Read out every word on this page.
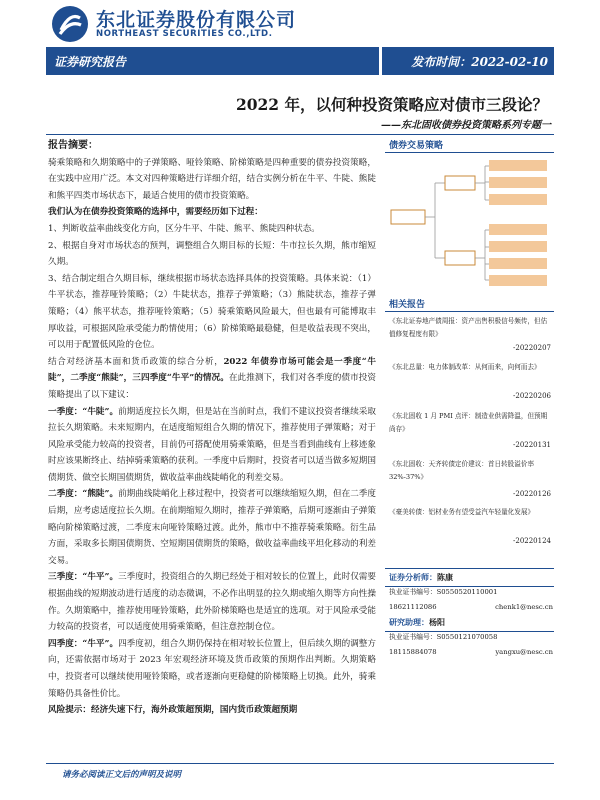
东北证券股份有限公司
NORTHEAST SECURITIES CO.,LTD.
证券研究报告	发布时间：2022-02-10
2022 年，以何种投资策略应对债市三段论？
——东北固收债券投资策略系列专题一

报告摘要：

骑乘策略和久期策略中的子弹策略、哑铃策略、阶梯策略是四种重要的债券投资策略，在实践中应用广泛。本文对四种策略进行详细介绍，结合实例分析在牛平、牛陡、熊陡和熊平四类市场状态下，最适合使用的债市投资策略。

我们认为在债券投资策略的选择中，需要经历如下过程：

1、判断收益率曲线变化方向，区分牛平、牛陡、熊平、熊陡四种状态。

2、根据自身对市场状态的预判，调整组合久期目标的长短：牛市拉长久期，熊市缩短久期。

3、结合制定组合久期目标，继续根据市场状态选择具体的投资策略。具体来说：（1）牛平状态，推荐哑铃策略；（2）牛陡状态，推荐子弹策略；（3）熊陡状态，推荐子弹策略；（4）熊平状态，推荐哑铃策略；（5）骑乘策略风险最大，但也最有可能博取丰厚收益，可根据风险承受能力酌情使用；（6）阶梯策略最稳健，但是收益表现不突出，可以用于配置低风险的仓位。

结合对经济基本面和货币政策的综合分析，2022 年债券市场可能会是一季度“牛陡”，二季度“熊陡”，三四季度“牛平”的情况。在此推测下，我们对各季度的债市投资策略提出了以下建议：

一季度：“牛陡”。前期适度拉长久期，但是站在当前时点，我们不建议投资者继续采取拉长久期策略。未来短期内，在适度缩短组合久期的情况下，推荐使用子弹策略；对于风险承受能力较高的投资者，目前仍可搭配使用骑乘策略，但是当看到曲线有上移迹象时应该果断终止、结掉骑乘策略的获利。一季度中后期时，投资者可以适当做多短期国债期货、做空长期国债期货，做收益率曲线陡峭化的利差交易。

二季度：“熊陡”。前期曲线陡峭化上移过程中，投资者可以继续缩短久期，但在二季度后期，应考虑适度拉长久期。在前期缩短久期时，推荐子弹策略，后期可逐渐由子弹策略向阶梯策略过渡，二季度末向哑铃策略过渡。此外，熊市中不推荐骑乘策略。衍生品方面，采取多长期国债期货、空短期国债期货的策略，做收益率曲线平坦化移动的利差交易。

三季度：“牛平”。三季度时，投资组合的久期已经处于相对较长的位置上，此时仅需要根据曲线的短期波动进行适度的动态微调，不必作出明显的拉久期或缩久期等方向性操作。久期策略中，推荐使用哑铃策略，此外阶梯策略也是适宜的选项。对于风险承受能力较高的投资者，可以适度使用骑乘策略，但注意控制仓位。

四季度：“牛平”。四季度初，组合久期仍保持在相对较长位置上，但后续久期的调整方向，还需依据市场对于 2023 年宏观经济环境及货币政策的预期作出判断。久期策略中，投资者可以继续使用哑铃策略，或者逐渐向更稳健的阶梯策略上切换。此外，骑乘策略仍具备性价比。

风险提示：经济失速下行，海外政策超预期，国内货币政策超预期

债券交易策略
相关报告
《东北证券地产债周报：资产出售积极信号频传，但估值修复程度有限》
-20220207
《东北总量：电力体制改革：从何而来，向何而去》
-20220206
《东北固收 1 月 PMI 点评：制造业供需降温，但预期尚存》
-20220131
《东北固收：天齐转债定价建议：首日转股溢价率 32%-37%》
-20220126
《豪美转债：铝材业务有望受益汽车轻量化发展》
-20220124
证券分析师：陈康
执业证书编号：S0550520110001
18621112086	chenk1@nesc.cn
研究助理：杨阳
执业证书编号：S0550121070058
18115884078	yangxu@nesc.cn
请务必阅读正文后的声明及说明
